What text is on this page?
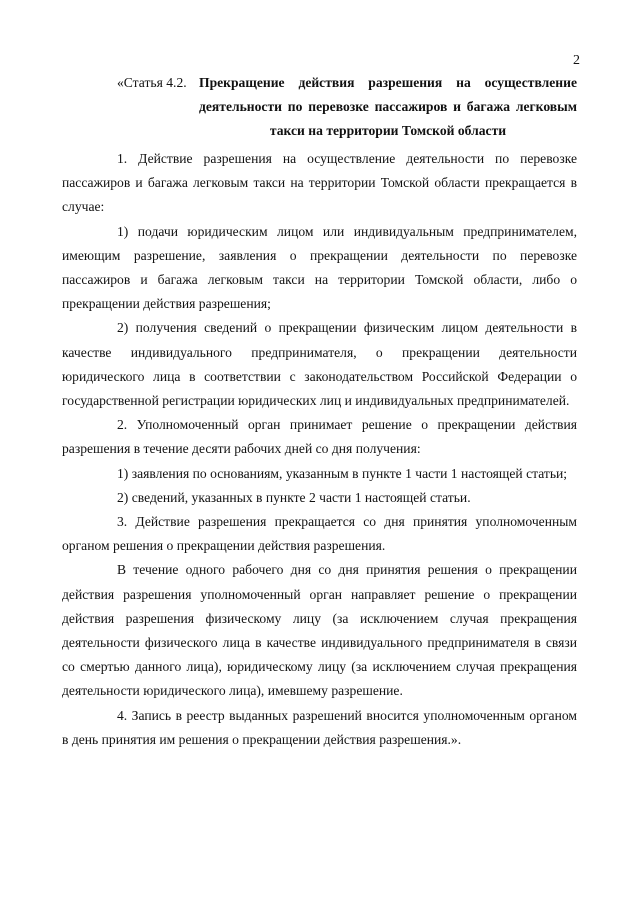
2
«Статья 4.2. Прекращение действия разрешения на осуществление деятельности по перевозке пассажиров и багажа легковым такси на территории Томской области

1. Действие разрешения на осуществление деятельности по перевозке пассажиров и багажа легковым такси на территории Томской области прекращается в случае:

1) подачи юридическим лицом или индивидуальным предпринимателем, имеющим разрешение, заявления о прекращении деятельности по перевозке пассажиров и багажа легковым такси на территории Томской области, либо о прекращении действия разрешения;

2) получения сведений о прекращении физическим лицом деятельности в качестве индивидуального предпринимателя, о прекращении деятельности юридического лица в соответствии с законодательством Российской Федерации о государственной регистрации юридических лиц и индивидуальных предпринимателей.

2. Уполномоченный орган принимает решение о прекращении действия разрешения в течение десяти рабочих дней со дня получения:

1) заявления по основаниям, указанным в пункте 1 части 1 настоящей статьи;

2) сведений, указанных в пункте 2 части 1 настоящей статьи.

3. Действие разрешения прекращается со дня принятия уполномоченным органом решения о прекращении действия разрешения.

В течение одного рабочего дня со дня принятия решения о прекращении действия разрешения уполномоченный орган направляет решение о прекращении действия разрешения физическому лицу (за исключением случая прекращения деятельности физического лица в качестве индивидуального предпринимателя в связи со смертью данного лица), юридическому лицу (за исключением случая прекращения деятельности юридического лица), имевшему разрешение.

4. Запись в реестр выданных разрешений вносится уполномоченным органом в день принятия им решения о прекращении действия разрешения.».
